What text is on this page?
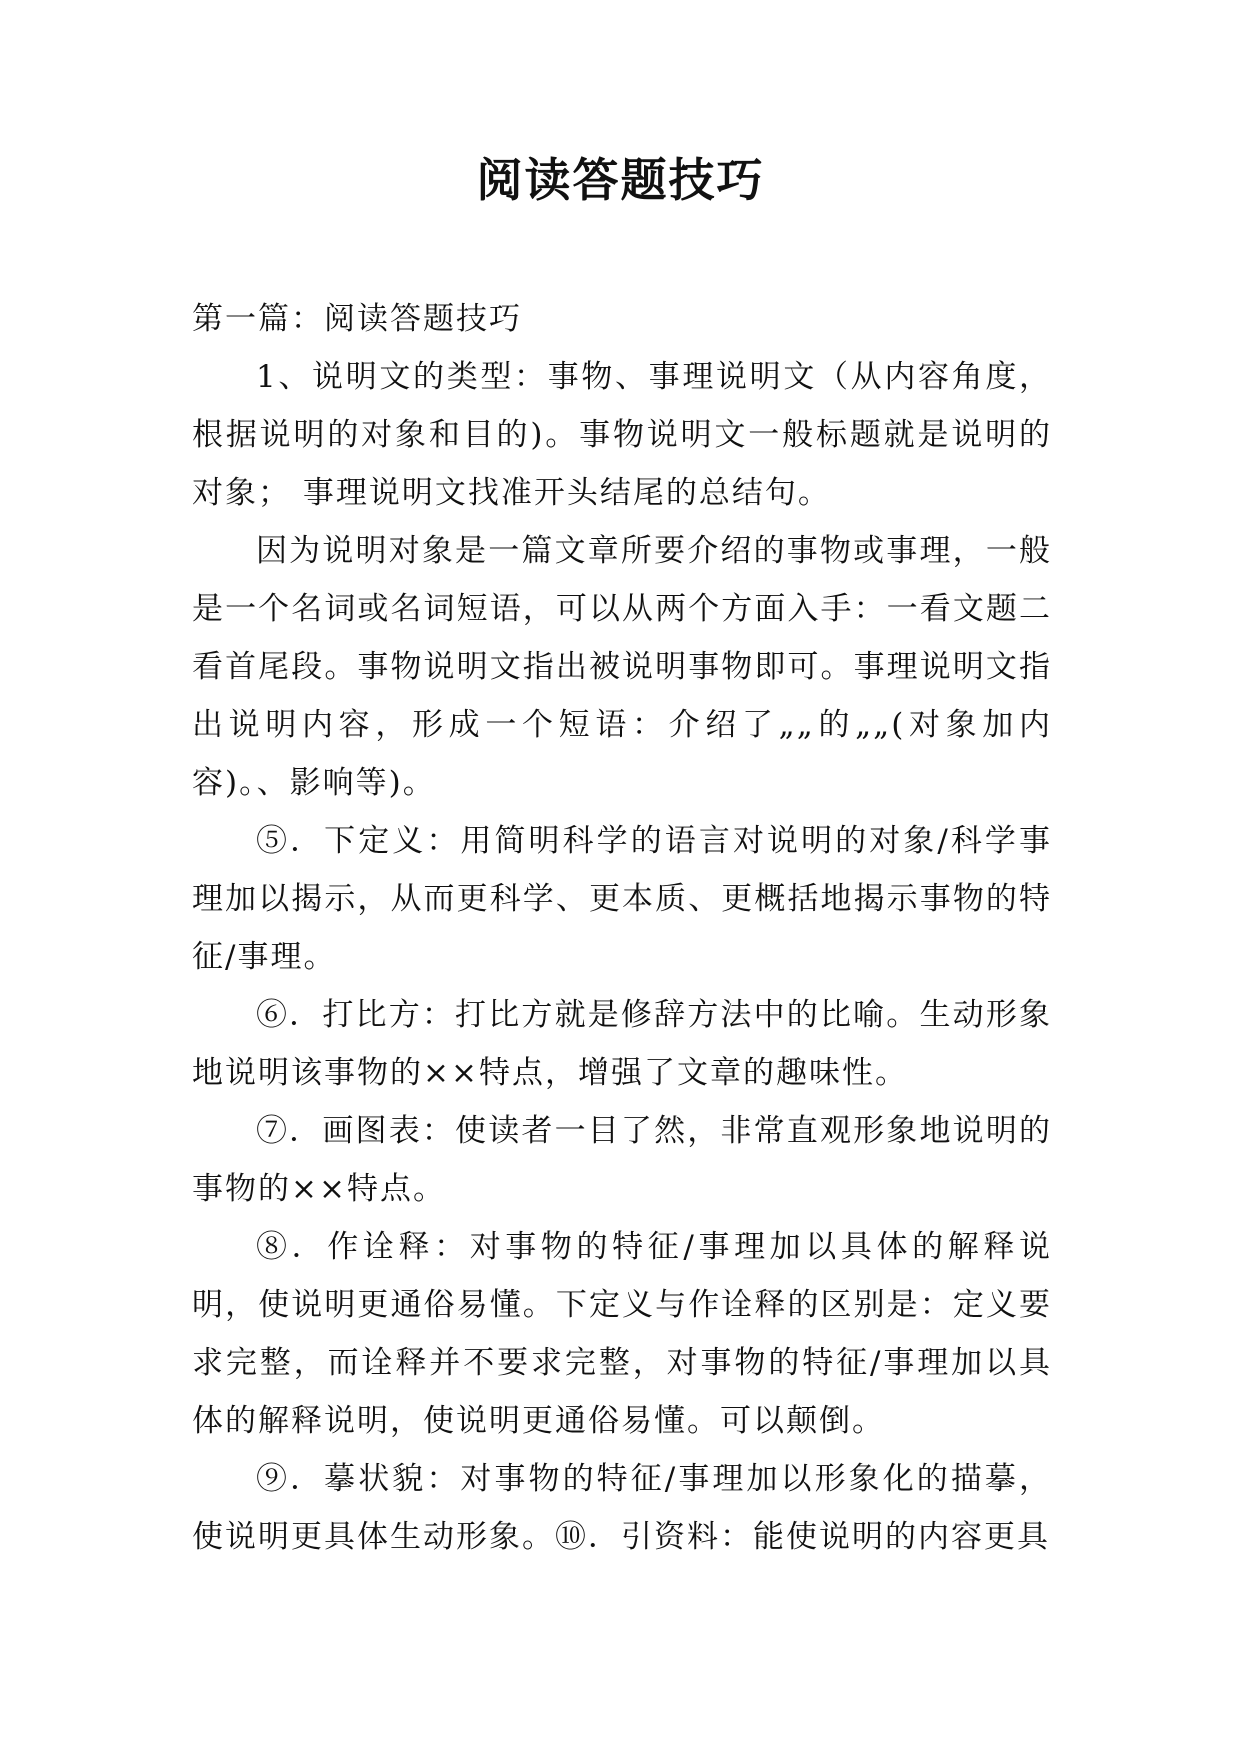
阅读答题技巧

第一篇：阅读答题技巧

1、说明文的类型：事物、事理说明文（从内容角度，根据说明的对象和目的)。事物说明文一般标题就是说明的对象； 事理说明文找准开头结尾的总结句。

因为说明对象是一篇文章所要介绍的事物或事理，一般是一个名词或名词短语，可以从两个方面入手：一看文题二看首尾段。事物说明文指出被说明事物即可。事理说明文指出说明内容，形成一个短语：介绍了„„的„„(对象加内容)。、影响等)。

⑤．下定义：用简明科学的语言对说明的对象/科学事理加以揭示，从而更科学、更本质、更概括地揭示事物的特征/事理。

⑥．打比方：打比方就是修辞方法中的比喻。生动形象地说明该事物的××特点，增强了文章的趣味性。

⑦．画图表：使读者一目了然，非常直观形象地说明的事物的××特点。

⑧．作诠释：对事物的特征/事理加以具体的解释说明，使说明更通俗易懂。下定义与作诠释的区别是：定义要求完整，而诠释并不要求完整，对事物的特征/事理加以具体的解释说明，使说明更通俗易懂。可以颠倒。

⑨．摹状貌：对事物的特征/事理加以形象化的描摹，使说明更具体生动形象。⑩．引资料：能使说明的内容更具
